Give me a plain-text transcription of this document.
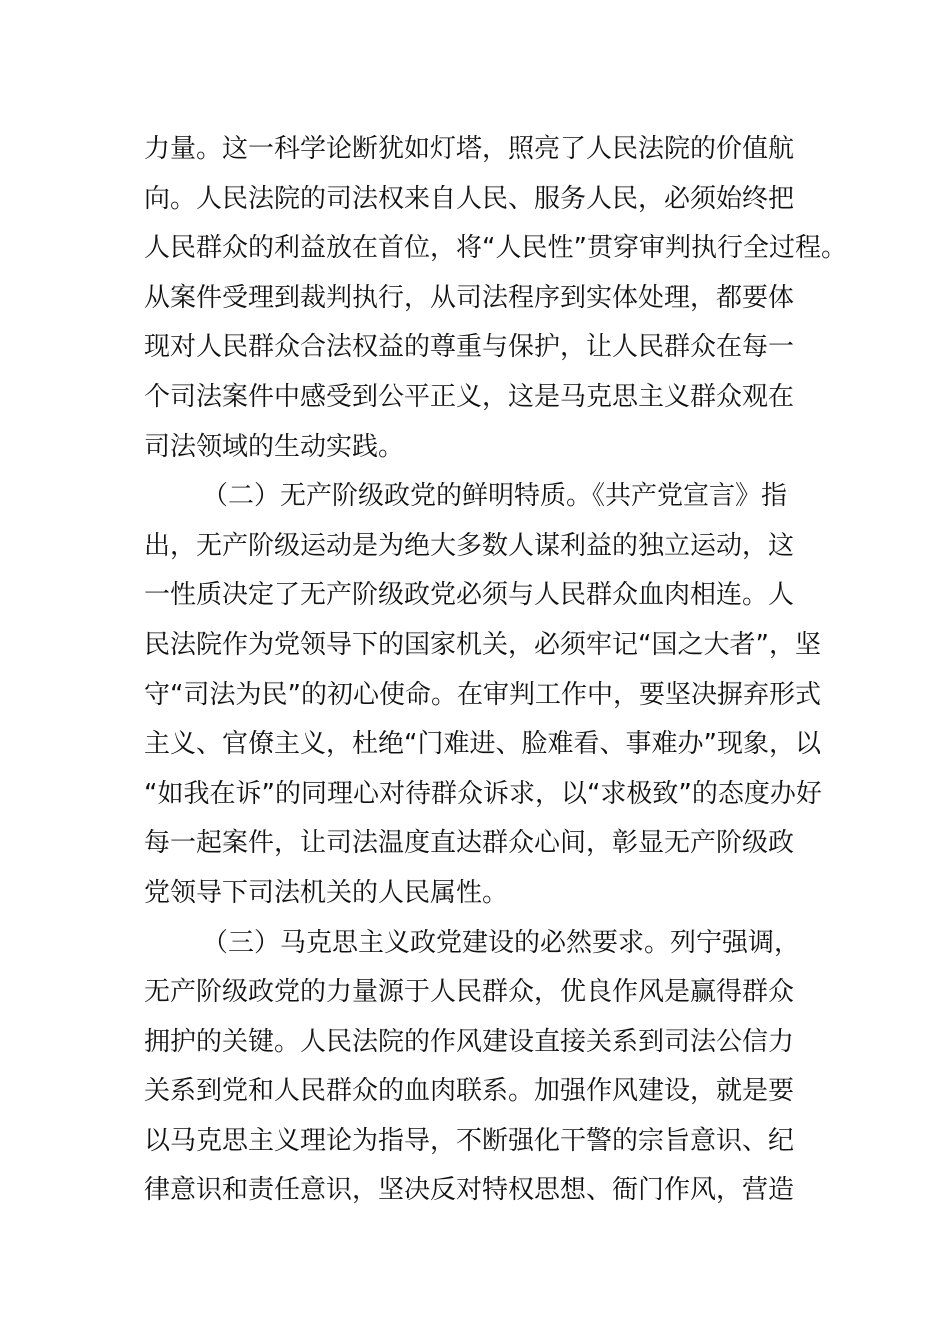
力量。这一科学论断犹如灯塔，照亮了人民法院的价值航
向。人民法院的司法权来自人民、服务人民，必须始终把
人民群众的利益放在首位，将“人民性”贯穿审判执行全过程。
从案件受理到裁判执行，从司法程序到实体处理，都要体
现对人民群众合法权益的尊重与保护，让人民群众在每一
个司法案件中感受到公平正义，这是马克思主义群众观在
司法领域的生动实践。
（二）无产阶级政党的鲜明特质。《共产党宣言》指
出，无产阶级运动是为绝大多数人谋利益的独立运动，这
一性质决定了无产阶级政党必须与人民群众血肉相连。人
民法院作为党领导下的国家机关，必须牢记“国之大者”，坚
守“司法为民”的初心使命。在审判工作中，要坚决摒弃形式
主义、官僚主义，杜绝“门难进、脸难看、事难办”现象，以
“如我在诉”的同理心对待群众诉求，以“求极致”的态度办好
每一起案件，让司法温度直达群众心间，彰显无产阶级政
党领导下司法机关的人民属性。
（三）马克思主义政党建设的必然要求。列宁强调，
无产阶级政党的力量源于人民群众，优良作风是赢得群众
拥护的关键。人民法院的作风建设直接关系到司法公信力
关系到党和人民群众的血肉联系。加强作风建设，就是要
以马克思主义理论为指导，不断强化干警的宗旨意识、纪
律意识和责任意识，坚决反对特权思想、衙门作风，营造
